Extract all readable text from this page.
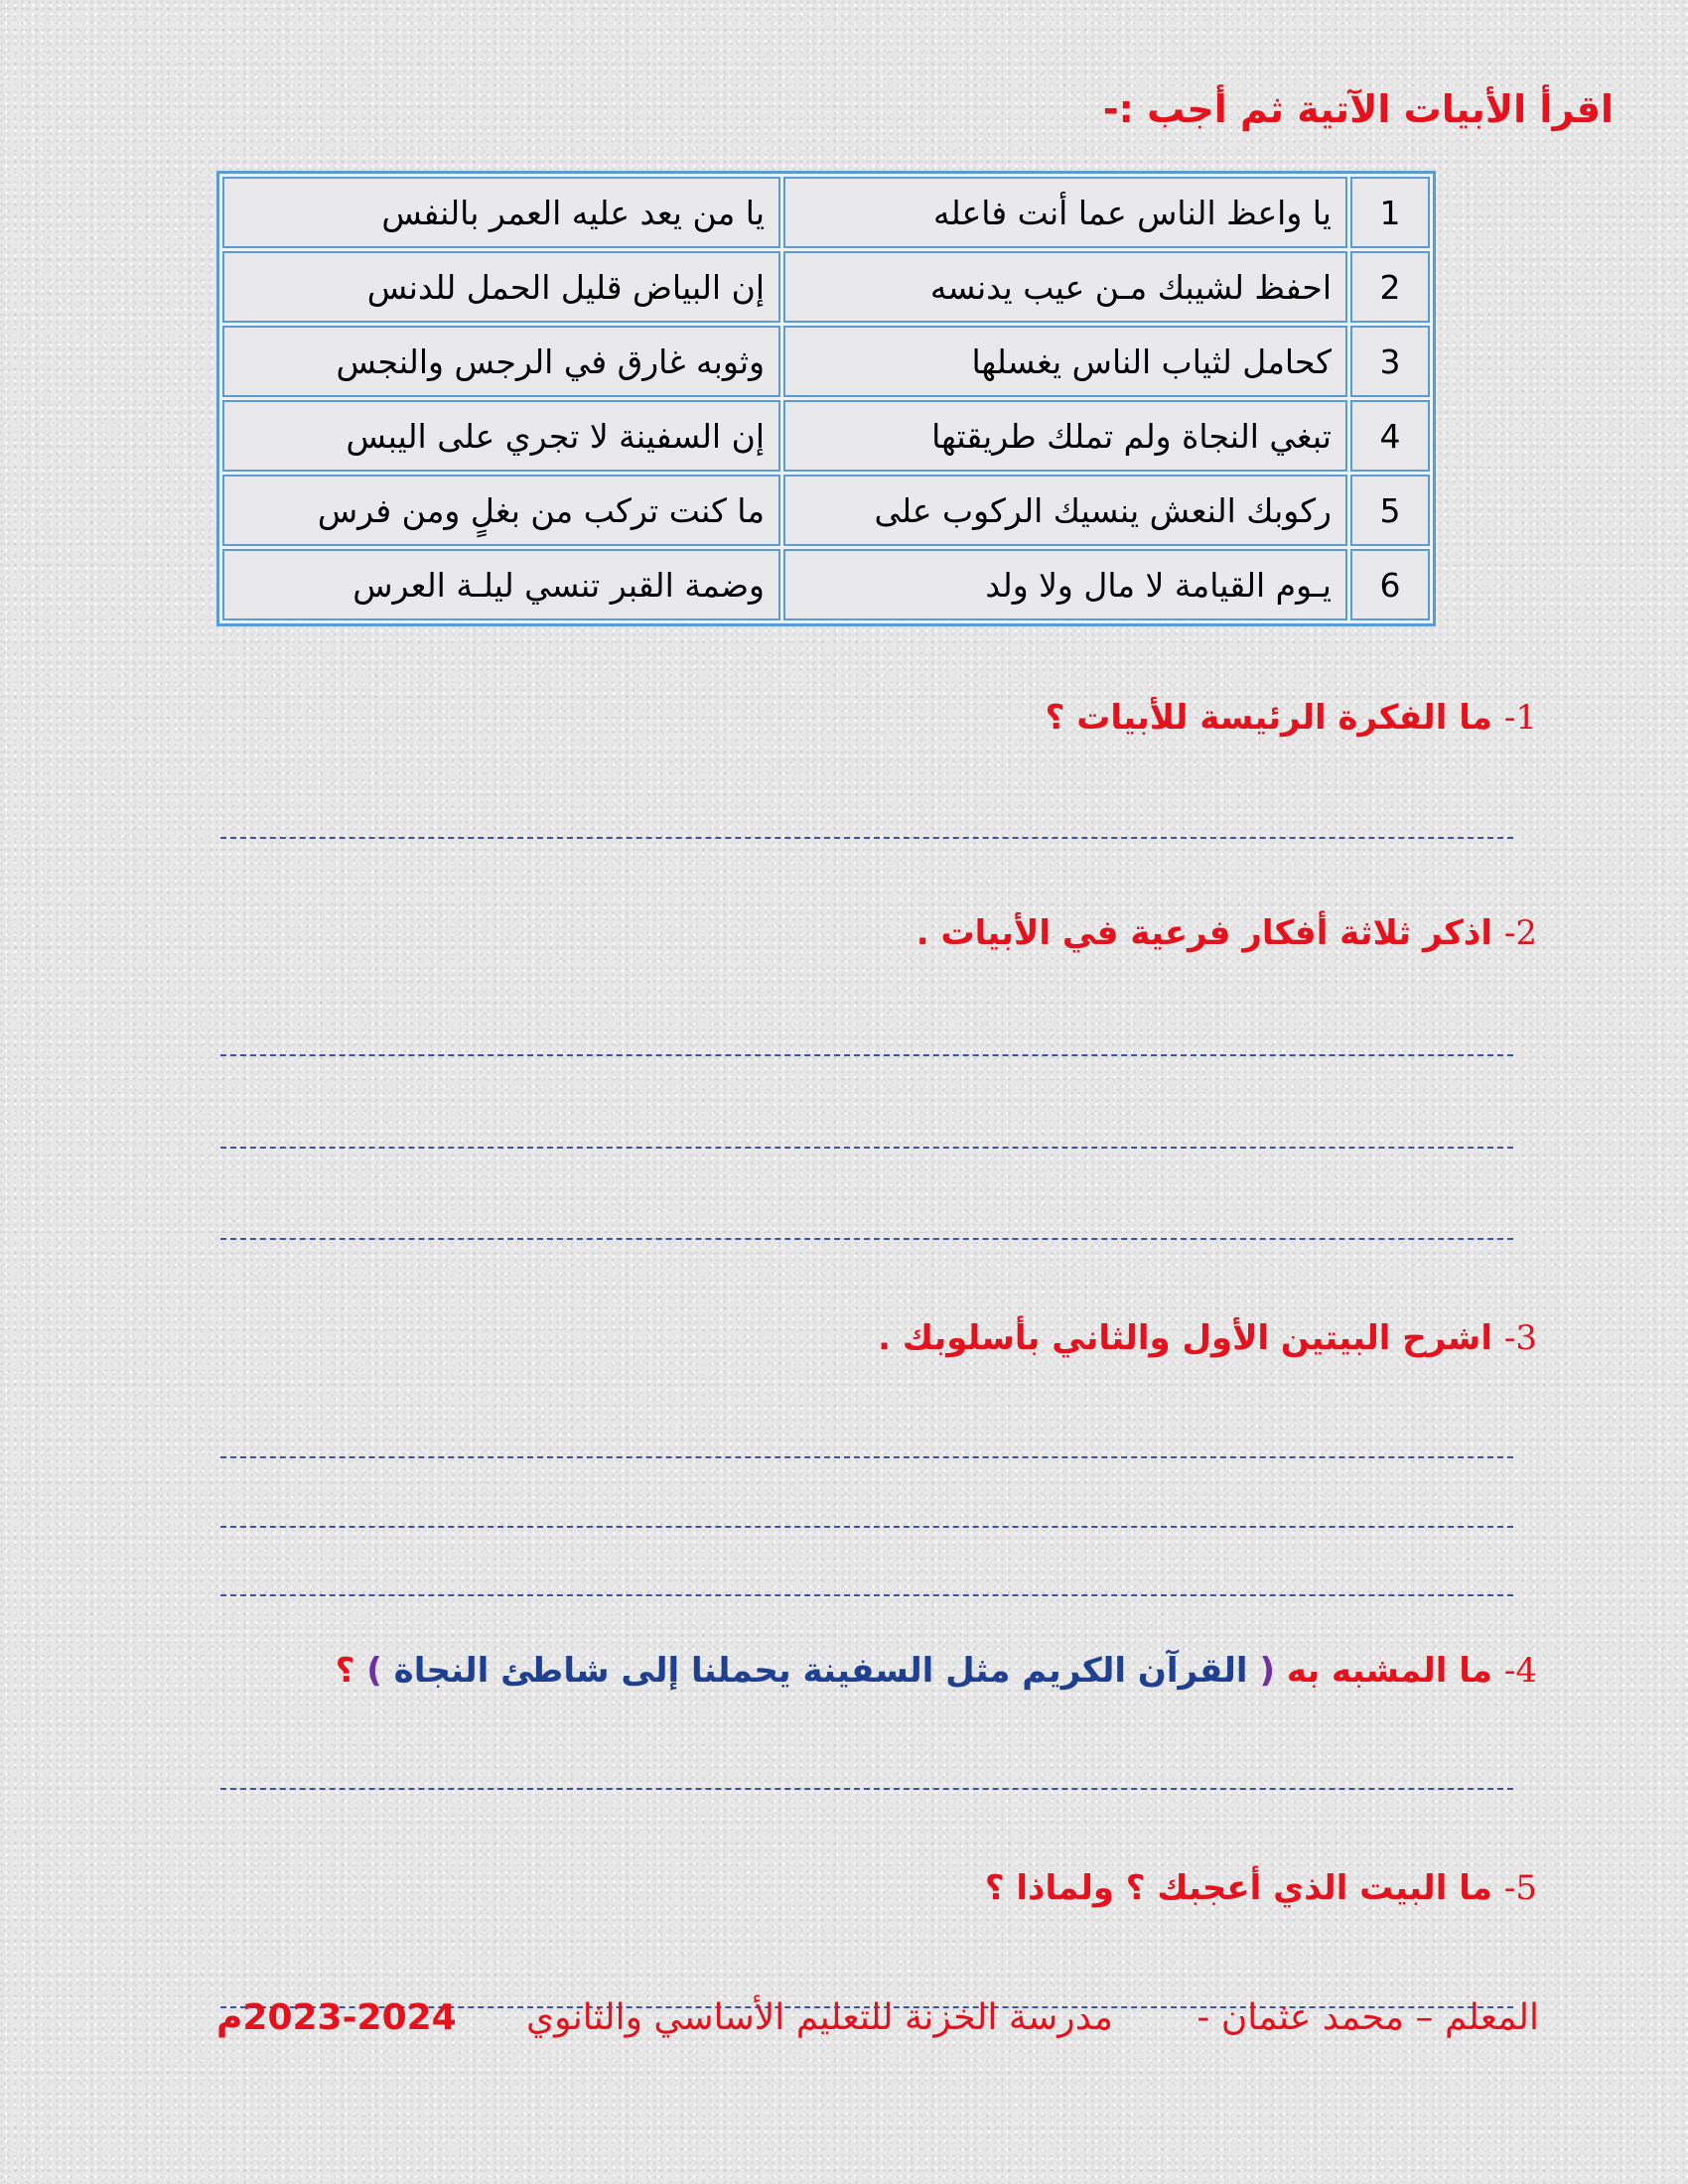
اقرأ الأبيات الآتية ثم أجب :-
1	يا واعظ الناس عما أنت فاعله	يا من يعد عليه العمر بالنفس
2	احفظ لشيبك مـن عيب يدنسه	إن البياض قليل الحمل للدنس
3	كحامل لثياب الناس يغسلها	وثوبه غارق في الرجس والنجس
4	تبغي النجاة ولم تملك طريقتها	إن السفينة لا تجري على اليبس
5	ركوبك النعش ينسيك الركوب على	ما كنت تركب من بغلٍ ومن فرس
6	يـوم القيامة لا مال ولا ولد	وضمة القبر تنسي ليلـة العرس
1- ما الفكرة الرئيسة للأبيات ؟
2- اذكر ثلاثة أفكار فرعية في الأبيات .
3- اشرح البيتين الأول والثاني بأسلوبك .
4- ما المشبه به ( القرآن الكريم مثل السفينة يحملنا إلى شاطئ النجاة ) ؟
5- ما البيت الذي أعجبك ؟ ولماذا ؟
المعلم – محمد عثمان -
مدرسة الخزنة للتعليم الأساسي والثانوي
2023-2024م
